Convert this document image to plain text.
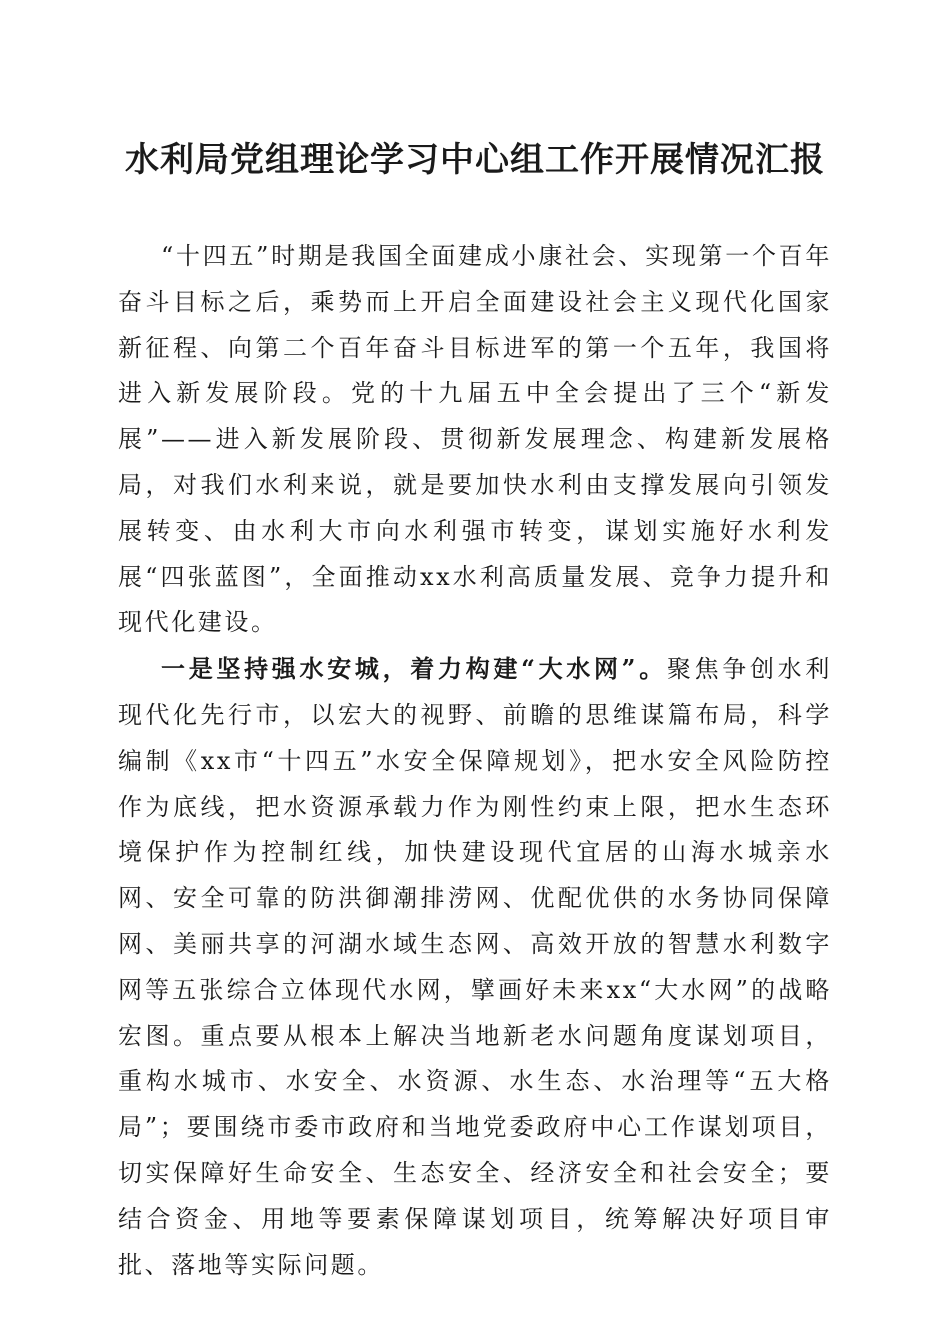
水利局党组理论学习中心组工作开展情况汇报

“十四五”时期是我国全面建成小康社会、实现第一个百年奋斗目标之后，乘势而上开启全面建设社会主义现代化国家新征程、向第二个百年奋斗目标进军的第一个五年，我国将进入新发展阶段。党的十九届五中全会提出了三个“新发展”——进入新发展阶段、贯彻新发展理念、构建新发展格局，对我们水利来说，就是要加快水利由支撑发展向引领发展转变、由水利大市向水利强市转变，谋划实施好水利发展“四张蓝图”，全面推动xx水利高质量发展、竞争力提升和现代化建设。

一是坚持强水安城，着力构建“大水网”。聚焦争创水利现代化先行市，以宏大的视野、前瞻的思维谋篇布局，科学编制《xx市“十四五”水安全保障规划》，把水安全风险防控作为底线，把水资源承载力作为刚性约束上限，把水生态环境保护作为控制红线，加快建设现代宜居的山海水城亲水网、安全可靠的防洪御潮排涝网、优配优供的水务协同保障网、美丽共享的河湖水域生态网、高效开放的智慧水利数字网等五张综合立体现代水网，擘画好未来xx“大水网”的战略宏图。重点要从根本上解决当地新老水问题角度谋划项目，重构水城市、水安全、水资源、水生态、水治理等“五大格局”；要围绕市委市政府和当地党委政府中心工作谋划项目，切实保障好生命安全、生态安全、经济安全和社会安全；要结合资金、用地等要素保障谋划项目，统筹解决好项目审批、落地等实际问题。
